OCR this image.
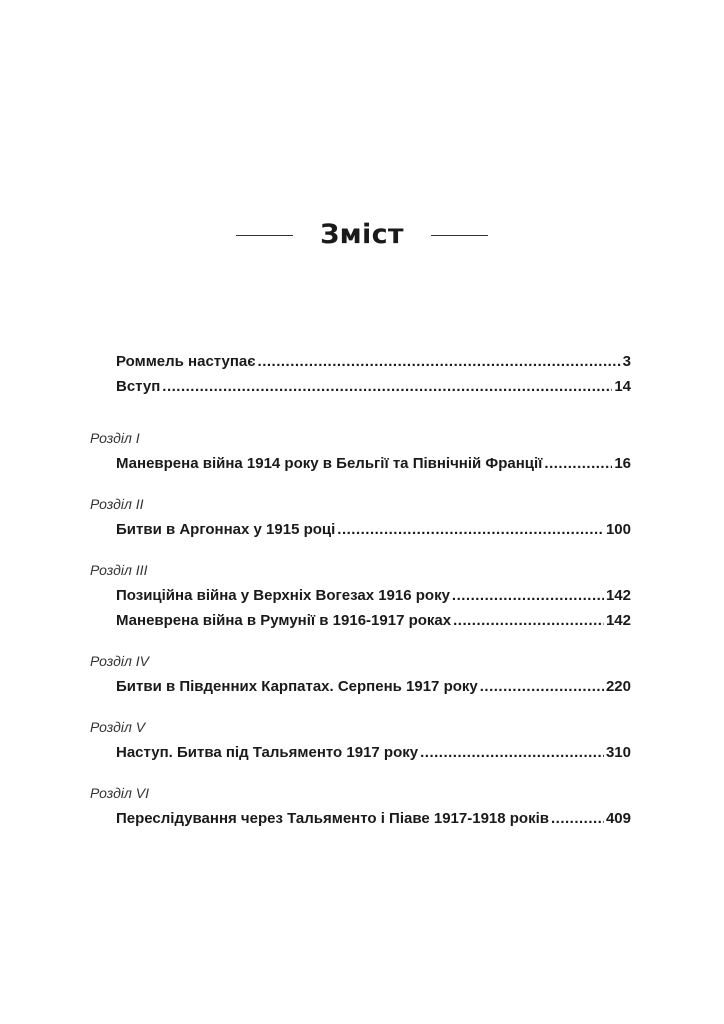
Зміст
Роммель наступає .....	3
Вступ .....	14
Розділ I
Маневрена війна 1914 року в Бельгії та Північній Франції .....	16
Розділ II
Битви в Аргоннах у 1915 році .....	100
Розділ III
Позиційна війна у Верхніх Вогезах 1916 року .....	142
Маневрена війна в Румунії в 1916-1917 роках .....	142
Розділ IV
Битви в Південних Карпатах. Серпень 1917 року .....	220
Розділ V
Наступ. Битва під Тальяменто 1917 року .....	310
Розділ VI
Переслідування через Тальяменто і Піаве 1917-1918 років .....	409
